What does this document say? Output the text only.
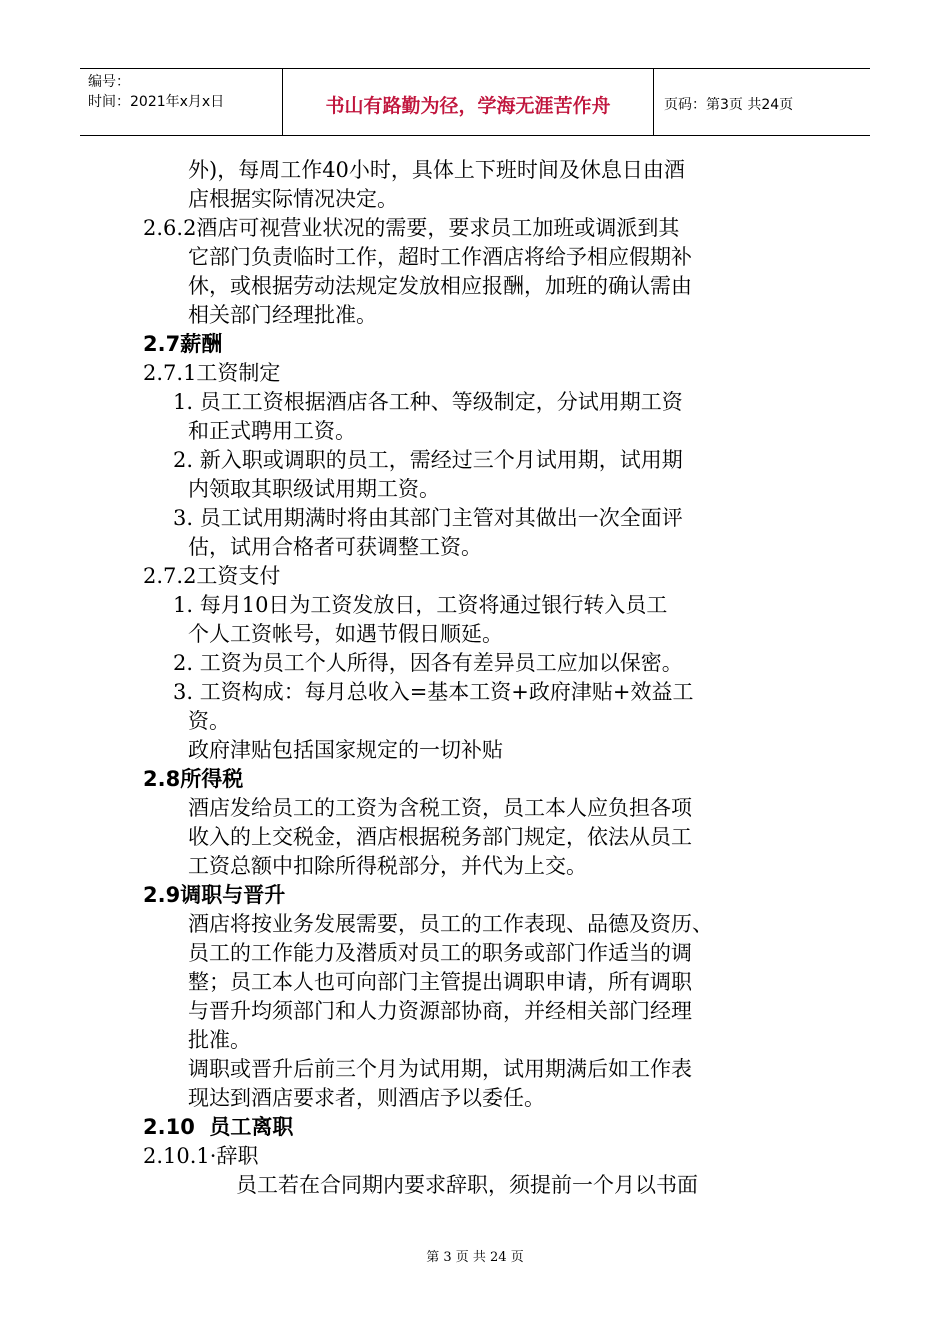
编号：
时间：2021年x月x日	书山有路勤为径，学海无涯苦作舟	页码：第3页 共24页
外)，每周工作40小时，具体上下班时间及休息日由酒
店根据实际情况决定。
2.6.2酒店可视营业状况的需要，要求员工加班或调派到其
它部门负责临时工作，超时工作酒店将给予相应假期补
休，或根据劳动法规定发放相应报酬，加班的确认需由
相关部门经理批准。
2.7薪酬
2.7.1工资制定
1. 员工工资根据酒店各工种、等级制定，分试用期工资
和正式聘用工资。
2. 新入职或调职的员工，需经过三个月试用期，试用期
内领取其职级试用期工资。
3. 员工试用期满时将由其部门主管对其做出一次全面评
估，试用合格者可获调整工资。
2.7.2工资支付
1. 每月10日为工资发放日，工资将通过银行转入员工
个人工资帐号，如遇节假日顺延。
2. 工资为员工个人所得，因各有差异员工应加以保密。
3. 工资构成：每月总收入=基本工资+政府津贴+效益工
资。
政府津贴包括国家规定的一切补贴
2.8所得税
酒店发给员工的工资为含税工资，员工本人应负担各项
收入的上交税金，酒店根据税务部门规定，依法从员工
工资总额中扣除所得税部分，并代为上交。
2.9调职与晋升
酒店将按业务发展需要，员工的工作表现、品德及资历、
员工的工作能力及潜质对员工的职务或部门作适当的调
整；员工本人也可向部门主管提出调职申请，所有调职
与晋升均须部门和人力资源部协商，并经相关部门经理
批准。
调职或晋升后前三个月为试用期，试用期满后如工作表
现达到酒店要求者，则酒店予以委任。
2.10  员工离职
2.10.1·辞职
员工若在合同期内要求辞职，须提前一个月以书面
第 3 页 共 24 页
